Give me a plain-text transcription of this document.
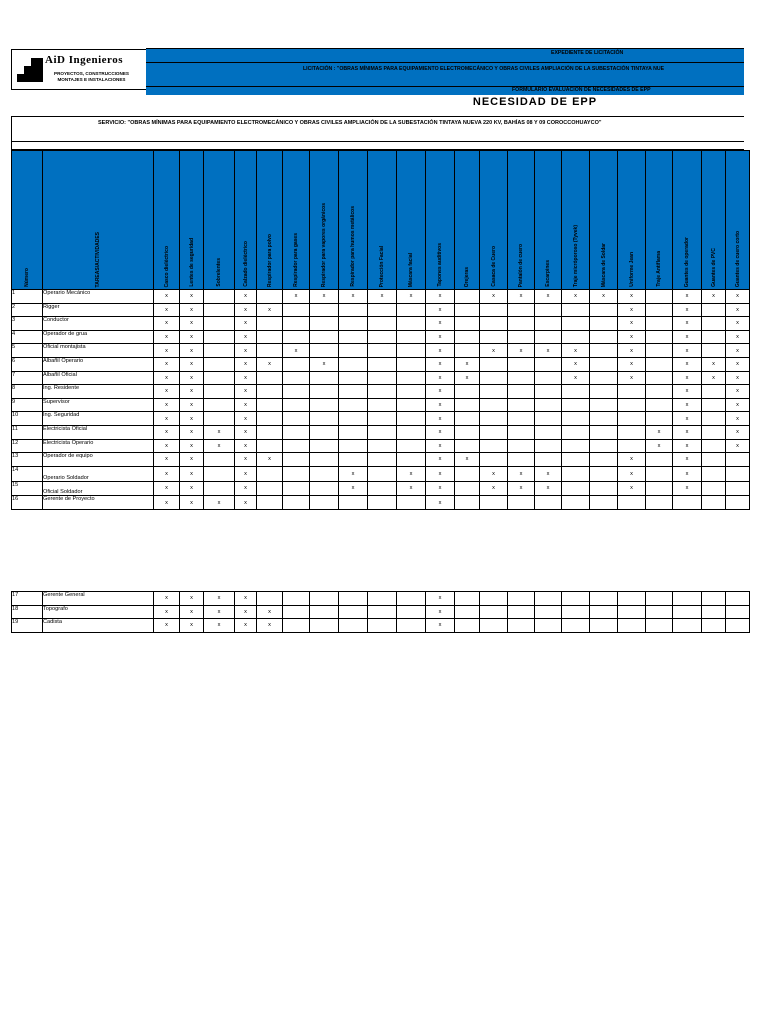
AiD Ingenieros
PROYECTOS, CONSTRUCCIONES
MONTAJES E INSTALACIONES
EXPEDIENTE DE LICITACIÓN
LICITACIÓN : "OBRAS MÍNIMAS PARA EQUIPAMIENTO ELECTROMECÁNICO Y OBRAS CIVILES AMPLIACIÓN DE LA SUBESTACIÓN TINTAYA NUE
FORMULARIO EVALUACIÓN DE NECESIDADES DE EPP
NECESIDAD DE EPP
SERVICIO: "OBRAS MÍNIMAS PARA EQUIPAMIENTO ELECTROMECÁNICO Y OBRAS CIVILES AMPLIACIÓN DE LA SUBESTACIÓN TINTAYA NUEVA 220 KV, BAHÍAS 08 Y 09 COROCCOHUAYCO"
Número	TAREAS/ACTIVIDADES	Casco dieléctrico	Lentes de seguridad	Sobrelentes	Calzado dieléctrico	Respirador para polvo	Respirador para gases	Respirador para vapores orgánicos	Respirador para humos metálicos	Protección Facial	Máscara facial	Tapones auditivos	Orejeras	Casaca de Cuero	Pantalón de cuero	Escarpines	Traje micróporoso (Tyvek)	Máscara de Soldar	Uniforme Jean	Traje Antiflama	Guantes de operador	Guantes de PVC	Guantes de cuero corto

1	Operario Mecánico	x	x		x		x	x	x	x	x	x		x	x	x	x	x	x		x	x	x
2	Rigger	x	x		x	x						x							x		x		x
3	Conductor	x	x		x							x							x		x		x
4	Operador de grua	x	x		x							x							x		x		x
5	Oficial montajista	x	x		x		x					x		x	x	x	x		x		x		x
6	Albañil Operario	x	x		x	x		x				x	x				x		x		x	x	x
7	Albañil Oficial	x	x		x							x	x				x		x		x	x	x
8	Ing. Residente	x	x		x							x									x		x
9	Supervisor	x	x		x							x									x		x
10	Ing. Seguridad	x	x		x							x									x		x
11	Electricista Oficial	x	x	x	x							x								x	x		x
12	Electricista Operario	x	x	x	x							x								x	x		x
13	Operador de equipo	x	x		x	x						x	x						x		x		
14	Operario Soldador	x	x		x				x		x	x		x	x	x			x		x		
15	Oficial Soldador	x	x		x				x		x	x		x	x	x			x		x		
16	Gerente de Proyecto	x	x	x	x							x											
17	Gerente General	x	x	x	x							x											
18	Topografo	x	x	x	x	x						x											
19	Cadista	x	x	x	x	x						x											
